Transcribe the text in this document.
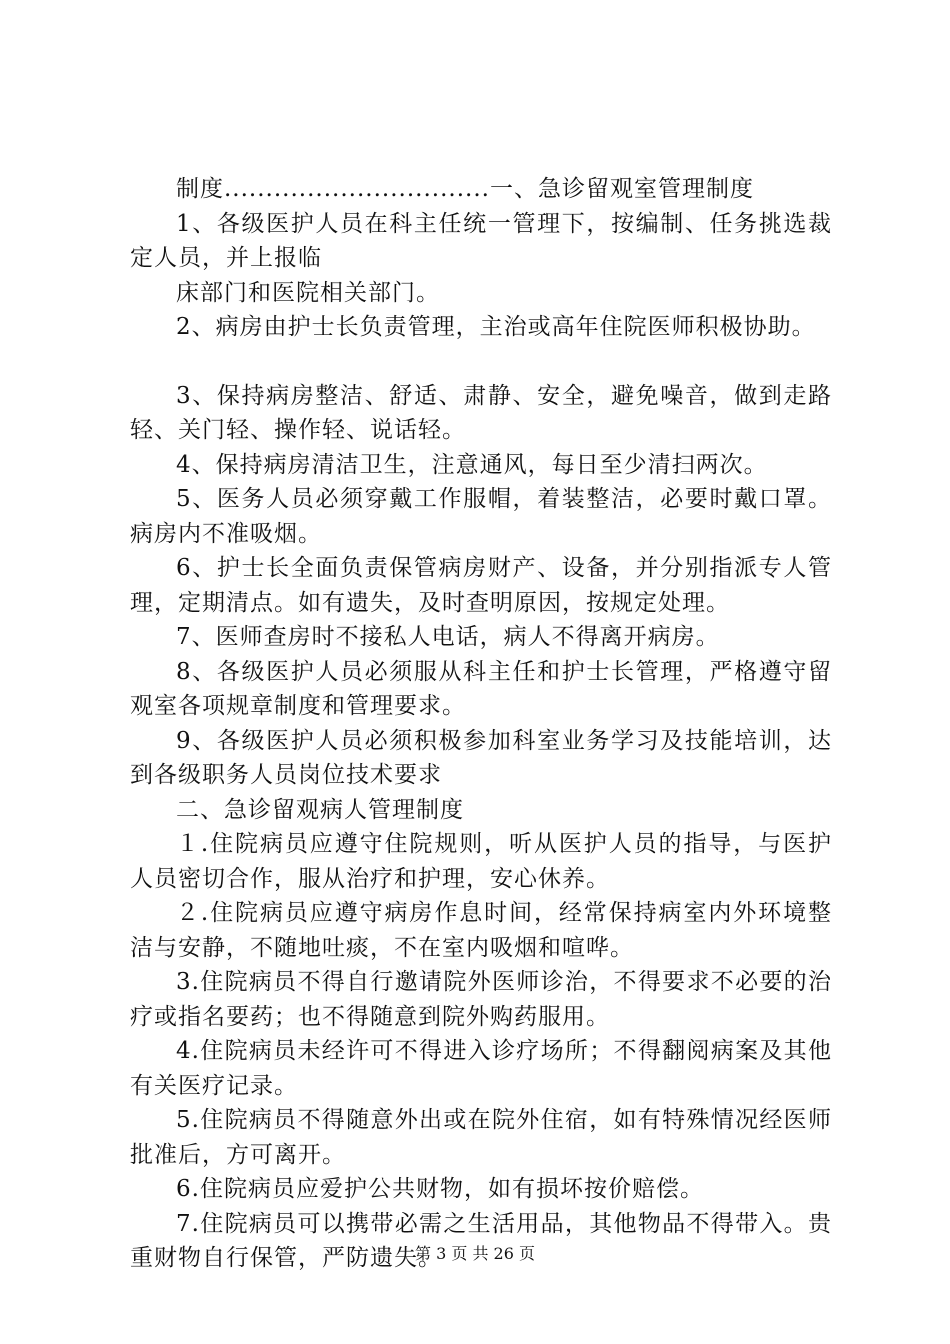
制度................................一、急诊留观室管理制度

1、各级医护人员在科主任统一管理下，按编制、任务挑选裁定人员，并上报临

床部门和医院相关部门。

2、病房由护士长负责管理，主治或高年住院医师积极协助。

3、保持病房整洁、舒适、肃静、安全，避免噪音，做到走路轻、关门轻、操作轻、说话轻。

4、保持病房清洁卫生，注意通风，每日至少清扫两次。

5、医务人员必须穿戴工作服帽，着装整洁，必要时戴口罩。病房内不准吸烟。

6、护士长全面负责保管病房财产、设备，并分别指派专人管理，定期清点。如有遗失，及时查明原因，按规定处理。

7、医师查房时不接私人电话，病人不得离开病房。

8、各级医护人员必须服从科主任和护士长管理，严格遵守留观室各项规章制度和管理要求。

9、各级医护人员必须积极参加科室业务学习及技能培训，达到各级职务人员岗位技术要求

二、急诊留观病人管理制度

１.住院病员应遵守住院规则，听从医护人员的指导，与医护人员密切合作，服从治疗和护理，安心休养。

２.住院病员应遵守病房作息时间，经常保持病室内外环境整洁与安静，不随地吐痰，不在室内吸烟和喧哗。

3.住院病员不得自行邀请院外医师诊治，不得要求不必要的治疗或指名要药；也不得随意到院外购药服用。

4.住院病员未经许可不得进入诊疗场所；不得翻阅病案及其他有关医疗记录。

5.住院病员不得随意外出或在院外住宿，如有特殊情况经医师批准后，方可离开。

6.住院病员应爱护公共财物，如有损坏按价赔偿。

7.住院病员可以携带必需之生活用品，其他物品不得带入。贵重财物自行保管，严防遗失。

第 3 页 共 26 页
